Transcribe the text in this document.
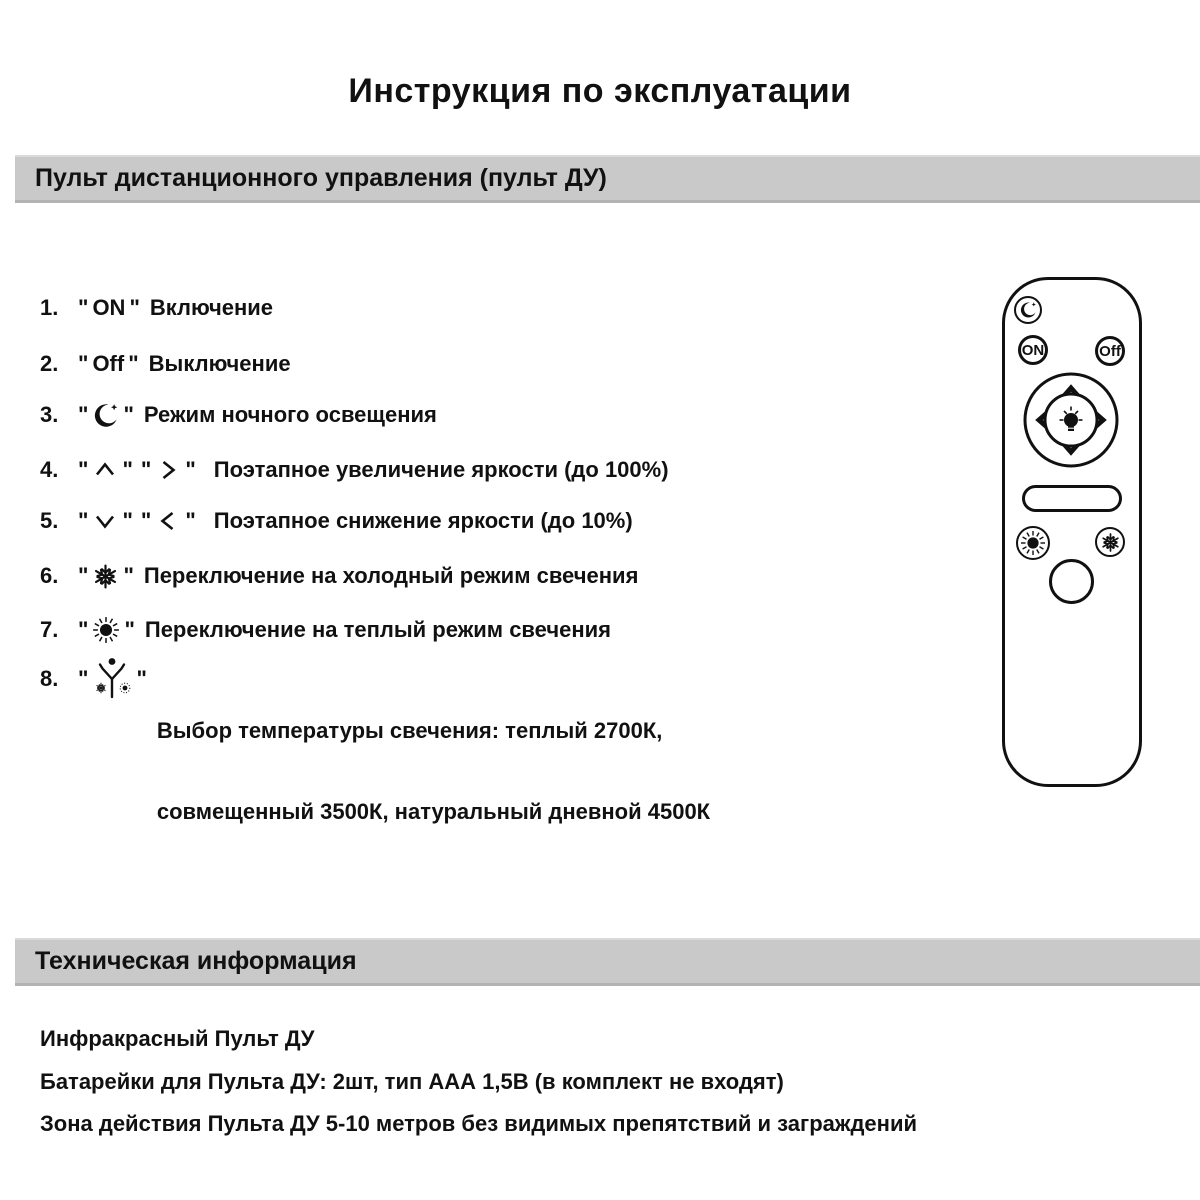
Инструкция по эксплуатации
Пульт дистанционного управления (пульт ДУ)
1. " ON " Включение
2. " Off " Выключение
3. " " Режим ночного освещения
4. " " " " Поэтапное увеличение яркости (до 100%)
5. " " " " Поэтапное снижение яркости (до 10%)
6. " " Переключение на холодный режим свечения
7. " " Переключение на теплый режим свечения
8. " "

Выбор температуры свечения: теплый 2700К,

совмещенный 3500К, натуральный дневной 4500К

ON	Off
Техническая информация
Инфракрасный Пульт ДУ
Батарейки для Пульта ДУ: 2шт, тип ААА 1,5В (в комплект не входят)
Зона действия Пульта ДУ 5-10 метров без видимых препятствий и заграждений
